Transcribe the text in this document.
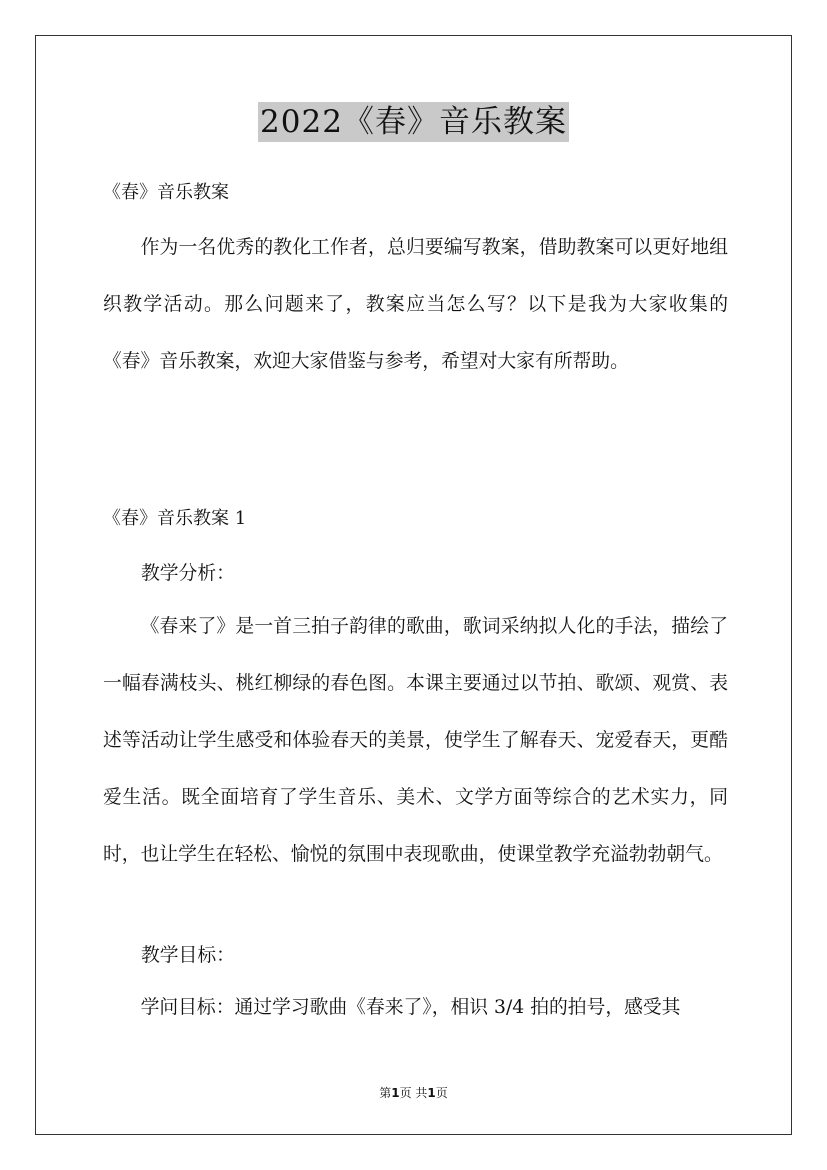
2022《春》音乐教案
《春》音乐教案

作为一名优秀的教化工作者，总归要编写教案，借助教案可以更好地组织教学活动。那么问题来了，教案应当怎么写？以下是我为大家收集的《春》音乐教案，欢迎大家借鉴与参考，希望对大家有所帮助。

《春》音乐教案 1
教学分析：

《春来了》是一首三拍子韵律的歌曲，歌词采纳拟人化的手法，描绘了一幅春满枝头、桃红柳绿的春色图。本课主要通过以节拍、歌颂、观赏、表述等活动让学生感受和体验春天的美景，使学生了解春天、宠爱春天，更酷爱生活。既全面培育了学生音乐、美术、文学方面等综合的艺术实力，同时，也让学生在轻松、愉悦的氛围中表现歌曲，使课堂教学充溢勃勃朝气。

教学目标：

学问目标：通过学习歌曲《春来了》，相识 3/4 拍的拍号，感受其

第1页 共1页
